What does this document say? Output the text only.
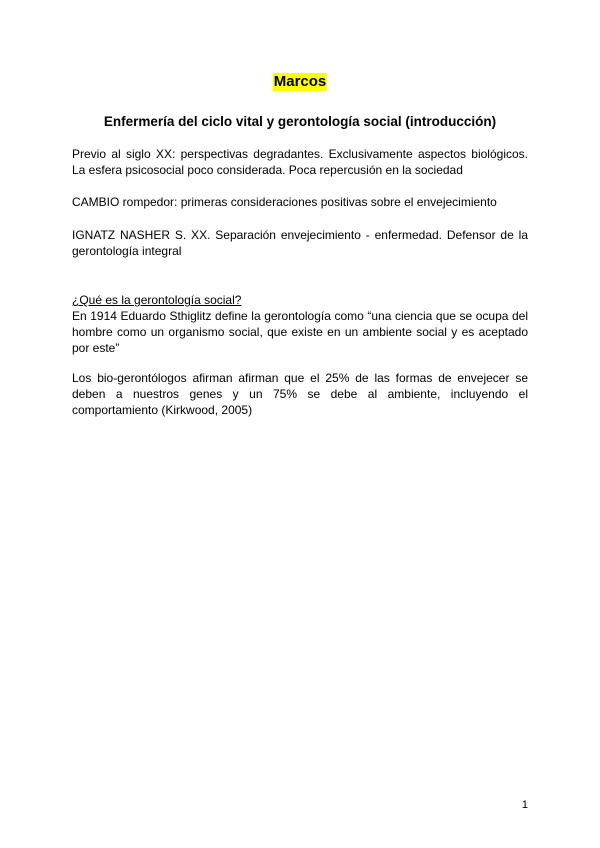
Marcos
Enfermería del ciclo vital y gerontología social (introducción)

Previo al siglo XX: perspectivas degradantes. Exclusivamente aspectos biológicos. La esfera psicosocial poco considerada. Poca repercusión en la sociedad

CAMBIO rompedor: primeras consideraciones positivas sobre el envejecimiento

IGNATZ NASHER S. XX. Separación envejecimiento - enfermedad. Defensor de la gerontología integral

¿Qué es la gerontología social?

En 1914 Eduardo Sthiglitz define la gerontología como “una ciencia que se ocupa del hombre como un organismo social, que existe en un ambiente social y es aceptado por este”

Los bio-gerontólogos afirman afirman que el 25% de las formas de envejecer se deben a nuestros genes y un 75% se debe al ambiente, incluyendo el comportamiento (Kirkwood, 2005)

1
